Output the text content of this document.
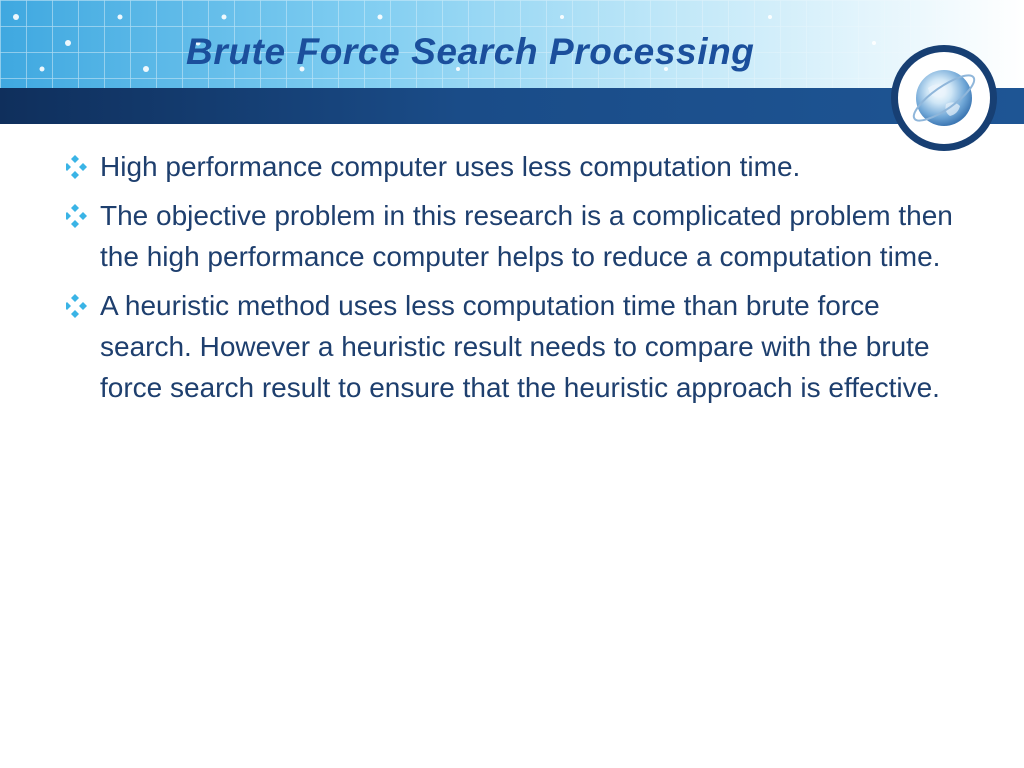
Brute Force Search Processing
High performance computer uses less computation time.
The objective problem in this research is a complicated problem then the high performance computer helps to reduce a computation time.
A heuristic method uses less computation time than brute force search. However a heuristic result needs to compare with the brute force search result to ensure that the heuristic approach is effective.
